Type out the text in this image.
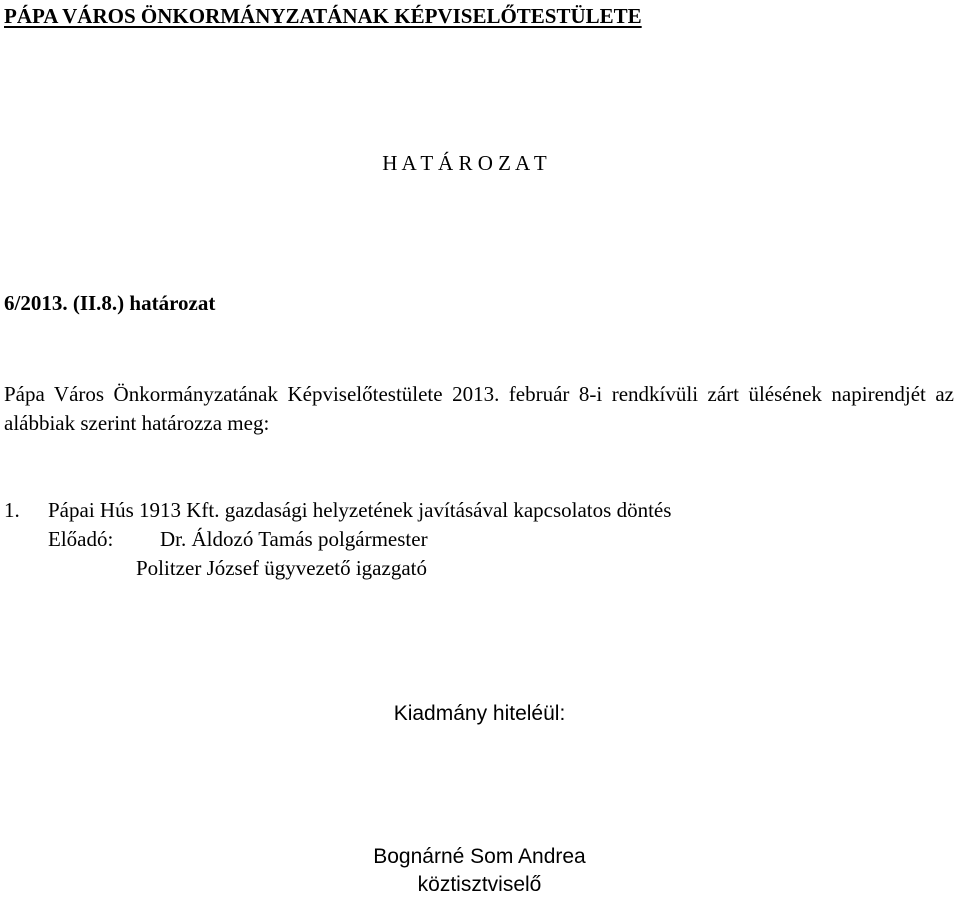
PÁPA VÁROS ÖNKORMÁNYZATÁNAK KÉPVISELŐTESTÜLETE
H A T Á R O Z A T
6/2013. (II.8.) határozat

Pápa Város Önkormányzatának Képviselőtestülete 2013. február 8-i rendkívüli zárt ülésének napirendjét az alábbiak szerint határozza meg:

1. Pápai Hús 1913 Kft. gazdasági helyzetének javításával kapcsolatos döntés
Előadó: Dr. Áldozó Tamás polgármester
Politzer József ügyvezető igazgató
Kiadmány hiteléül:
Bognárné Som Andrea
köztisztviselő
